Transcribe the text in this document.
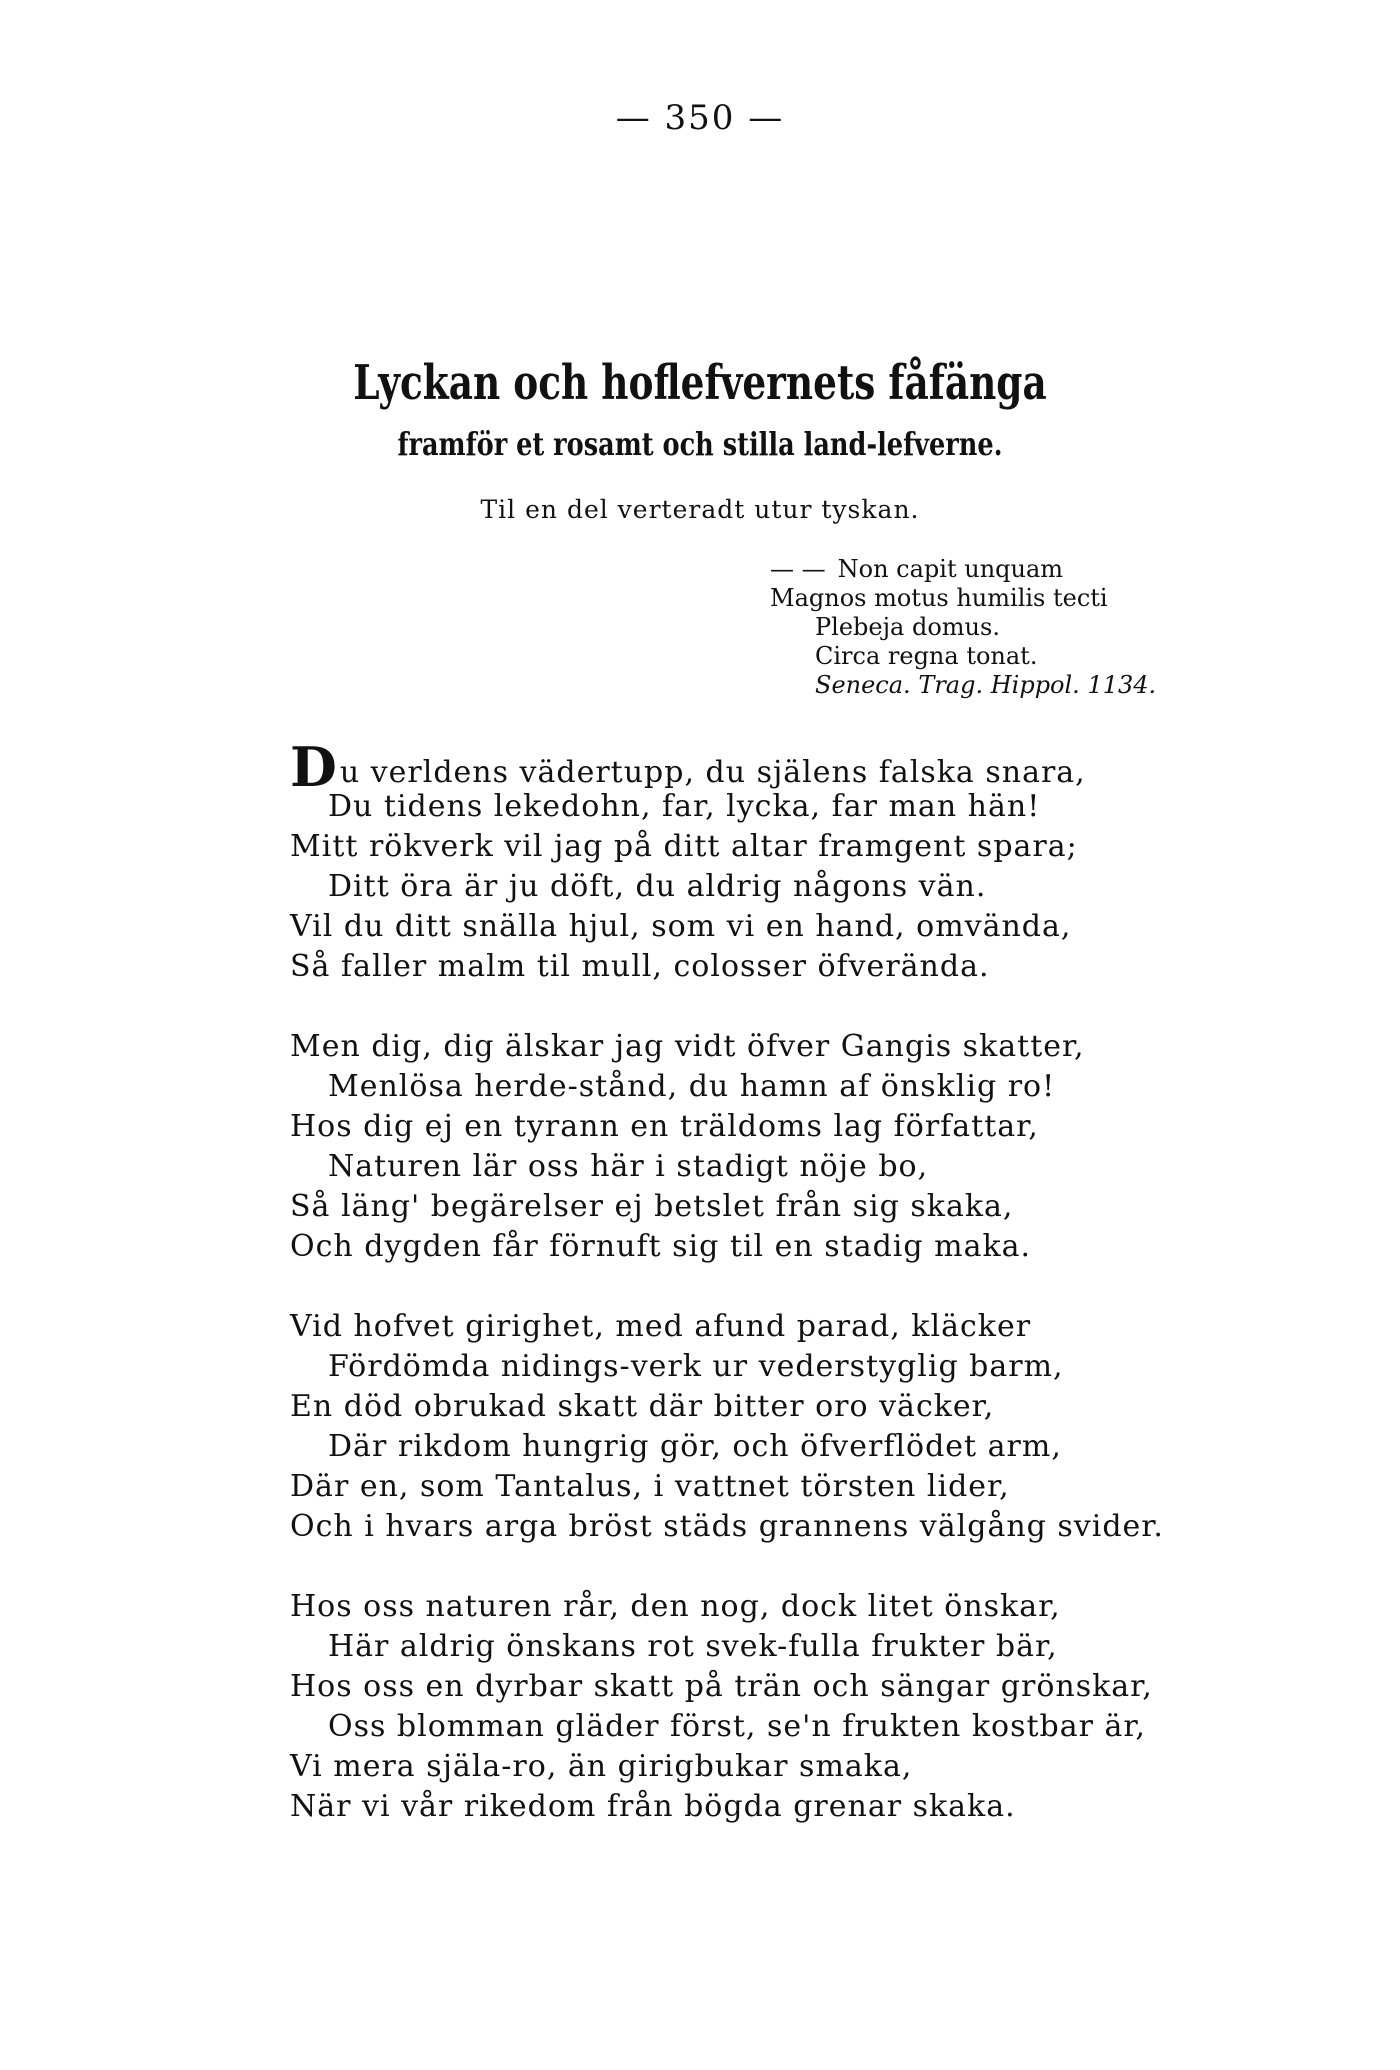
— 350 —
Lyckan och hoflefvernets fåfänga
framför et rosamt och stilla land-lefverne.
Til en del verteradt utur tyskan.
— — Non capit unquam
Magnos motus humilis tecti
Plebeja domus.
Circa regna tonat.
Seneca. Trag. Hippol. 1134.
Du verldens vädertupp, du själens falska snara,
Du tidens lekedohn, far, lycka, far man hän!
Mitt rökverk vil jag på ditt altar framgent spara;
Ditt öra är ju döft, du aldrig någons vän.
Vil du ditt snälla hjul, som vi en hand, omvända,
Så faller malm til mull, colosser öfverända.
Men dig, dig älskar jag vidt öfver Gangis skatter,
Menlösa herde-stånd, du hamn af önsklig ro!
Hos dig ej en tyrann en träldoms lag författar,
Naturen lär oss här i stadigt nöje bo,
Så läng' begärelser ej betslet från sig skaka,
Och dygden får förnuft sig til en stadig maka.
Vid hofvet girighet, med afund parad, kläcker
Fördömda nidings-verk ur vederstyglig barm,
En död obrukad skatt där bitter oro väcker,
Där rikdom hungrig gör, och öfverflödet arm,
Där en, som Tantalus, i vattnet törsten lider,
Och i hvars arga bröst städs grannens välgång svider.
Hos oss naturen rår, den nog, dock litet önskar,
Här aldrig önskans rot svek-fulla frukter bär,
Hos oss en dyrbar skatt på trän och sängar grönskar,
Oss blomman gläder först, se'n frukten kostbar är,
Vi mera själa-ro, än girigbukar smaka,
När vi vår rikedom från bögda grenar skaka.
